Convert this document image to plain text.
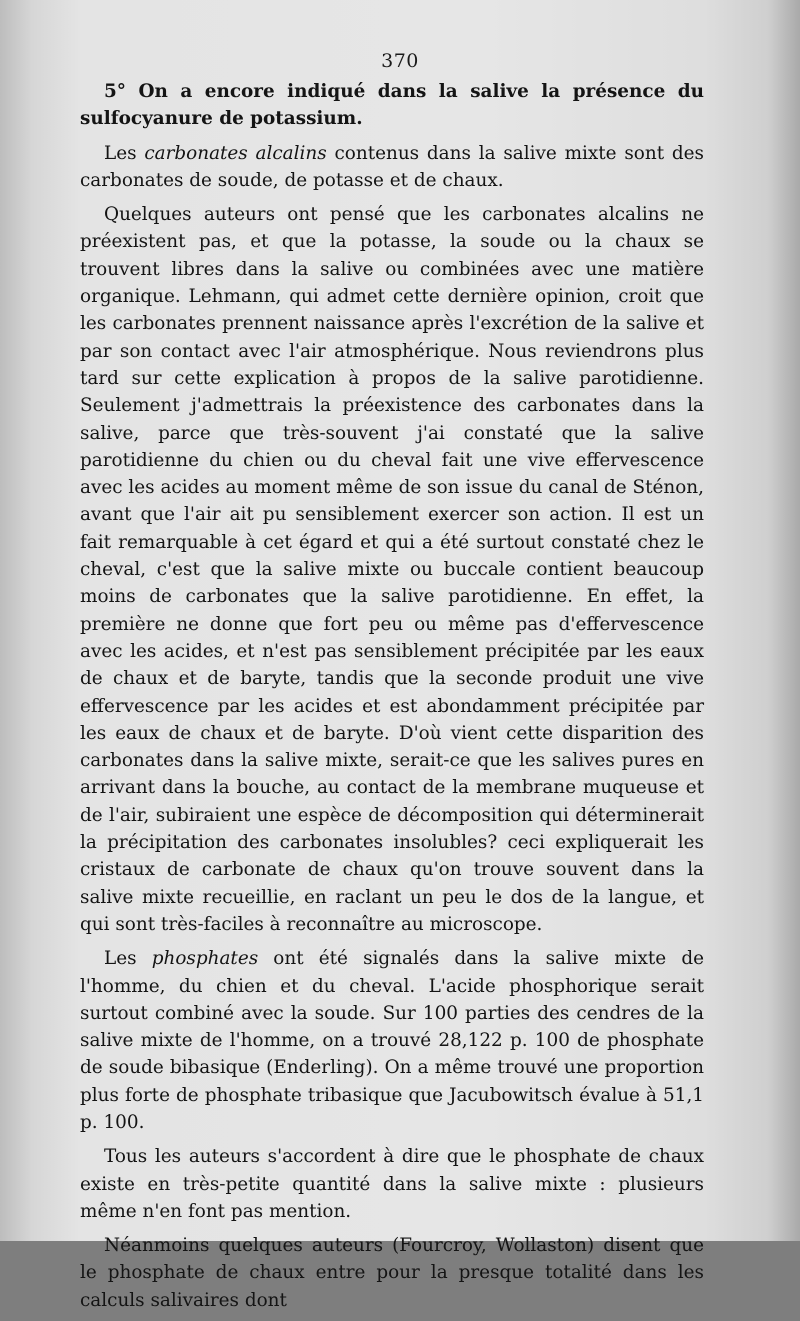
370

5° On a encore indiqué dans la salive la présence du sulfocyanure de potassium.

Les carbonates alcalins contenus dans la salive mixte sont des carbonates de soude, de potasse et de chaux.

Quelques auteurs ont pensé que les carbonates alcalins ne préexistent pas, et que la potasse, la soude ou la chaux se trouvent libres dans la salive ou combinées avec une matière organique. Lehmann, qui admet cette dernière opinion, croit que les carbonates prennent naissance après l'excrétion de la salive et par son contact avec l'air atmosphérique. Nous reviendrons plus tard sur cette explication à propos de la salive parotidienne. Seulement j'admettrais la préexistence des carbonates dans la salive, parce que très-souvent j'ai constaté que la salive parotidienne du chien ou du cheval fait une vive effervescence avec les acides au moment même de son issue du canal de Sténon, avant que l'air ait pu sensiblement exercer son action. Il est un fait remarquable à cet égard et qui a été surtout constaté chez le cheval, c'est que la salive mixte ou buccale contient beaucoup moins de carbonates que la salive parotidienne. En effet, la première ne donne que fort peu ou même pas d'effervescence avec les acides, et n'est pas sensiblement précipitée par les eaux de chaux et de baryte, tandis que la seconde produit une vive effervescence par les acides et est abondamment précipitée par les eaux de chaux et de baryte. D'où vient cette disparition des carbonates dans la salive mixte, serait-ce que les salives pures en arrivant dans la bouche, au contact de la membrane muqueuse et de l'air, subiraient une espèce de décomposition qui déterminerait la précipitation des carbonates insolubles? ceci expliquerait les cristaux de carbonate de chaux qu'on trouve souvent dans la salive mixte recueillie, en raclant un peu le dos de la langue, et qui sont très-faciles à reconnaître au microscope.

Les phosphates ont été signalés dans la salive mixte de l'homme, du chien et du cheval. L'acide phosphorique serait surtout combiné avec la soude. Sur 100 parties des cendres de la salive mixte de l'homme, on a trouvé 28,122 p. 100 de phosphate de soude bibasique (Enderling). On a même trouvé une proportion plus forte de phosphate tribasique que Jacubowitsch évalue à 51,1 p. 100.

Tous les auteurs s'accordent à dire que le phosphate de chaux existe en très-petite quantité dans la salive mixte : plusieurs même n'en font pas mention.

Néanmoins quelques auteurs (Fourcroy, Wollaston) disent que le phosphate de chaux entre pour la presque totalité dans les calculs salivaires dont
